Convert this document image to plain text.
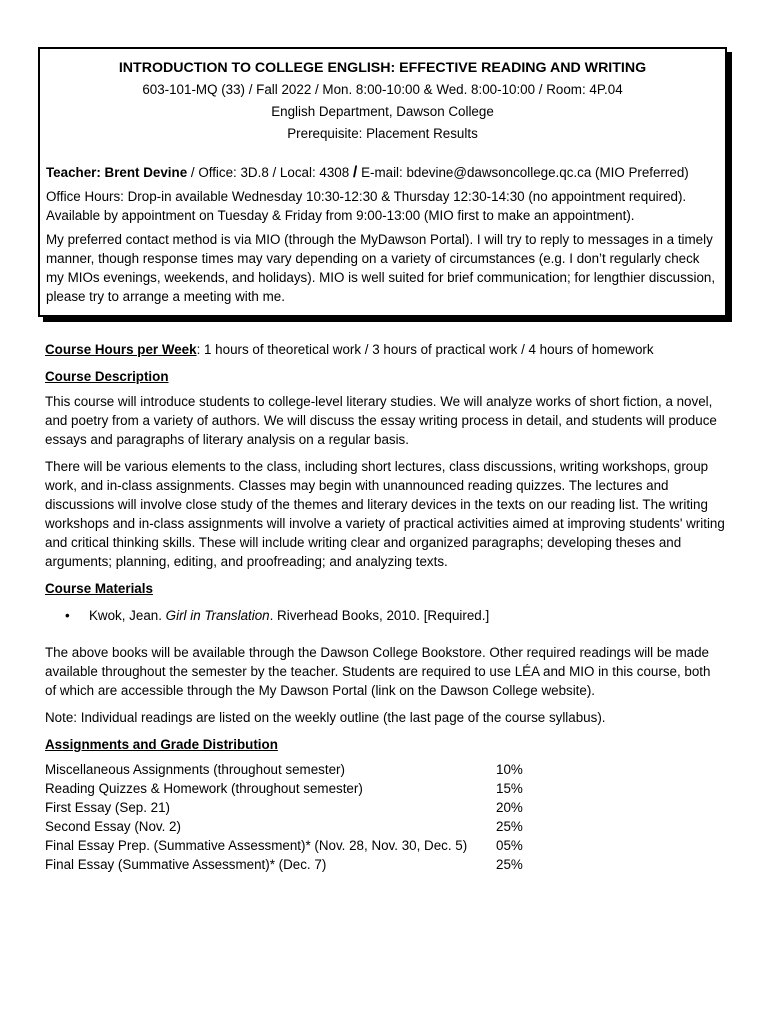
INTRODUCTION TO COLLEGE ENGLISH: EFFECTIVE READING AND WRITING
603-101-MQ (33) / Fall 2022 / Mon. 8:00-10:00 & Wed. 8:00-10:00 / Room: 4P.04
English Department, Dawson College
Prerequisite: Placement Results
Teacher: Brent Devine / Office: 3D.8 / Local: 4308 / E-mail: bdevine@dawsoncollege.qc.ca (MIO Preferred)
Office Hours: Drop-in available Wednesday 10:30-12:30 & Thursday 12:30-14:30 (no appointment required). Available by appointment on Tuesday & Friday from 9:00-13:00 (MIO first to make an appointment).
My preferred contact method is via MIO (through the MyDawson Portal). I will try to reply to messages in a timely manner, though response times may vary depending on a variety of circumstances (e.g. I don’t regularly check my MIOs evenings, weekends, and holidays). MIO is well suited for brief communication; for lengthier discussion, please try to arrange a meeting with me.
Course Hours per Week: 1 hours of theoretical work / 3 hours of practical work / 4 hours of homework
Course Description

This course will introduce students to college-level literary studies. We will analyze works of short fiction, a novel, and poetry from a variety of authors. We will discuss the essay writing process in detail, and students will produce essays and paragraphs of literary analysis on a regular basis.

There will be various elements to the class, including short lectures, class discussions, writing workshops, group work, and in-class assignments. Classes may begin with unannounced reading quizzes. The lectures and discussions will involve close study of the themes and literary devices in the texts on our reading list. The writing workshops and in-class assignments will involve a variety of practical activities aimed at improving students' writing and critical thinking skills. These will include writing clear and organized paragraphs; developing theses and arguments; planning, editing, and proofreading; and analyzing texts.

Course Materials
•	Kwok, Jean. Girl in Translation. Riverhead Books, 2010. [Required.]

The above books will be available through the Dawson College Bookstore. Other required readings will be made available throughout the semester by the teacher. Students are required to use LÉA and MIO in this course, both of which are accessible through the My Dawson Portal (link on the Dawson College website).

Note: Individual readings are listed on the weekly outline (the last page of the course syllabus).

Assignments and Grade Distribution
Miscellaneous Assignments (throughout semester)	10%
Reading Quizzes & Homework (throughout semester)	15%
First Essay (Sep. 21)	20%
Second Essay (Nov. 2)	25%
Final Essay Prep. (Summative Assessment)* (Nov. 28, Nov. 30, Dec. 5)	05%
Final Essay (Summative Assessment)* (Dec. 7)	25%
